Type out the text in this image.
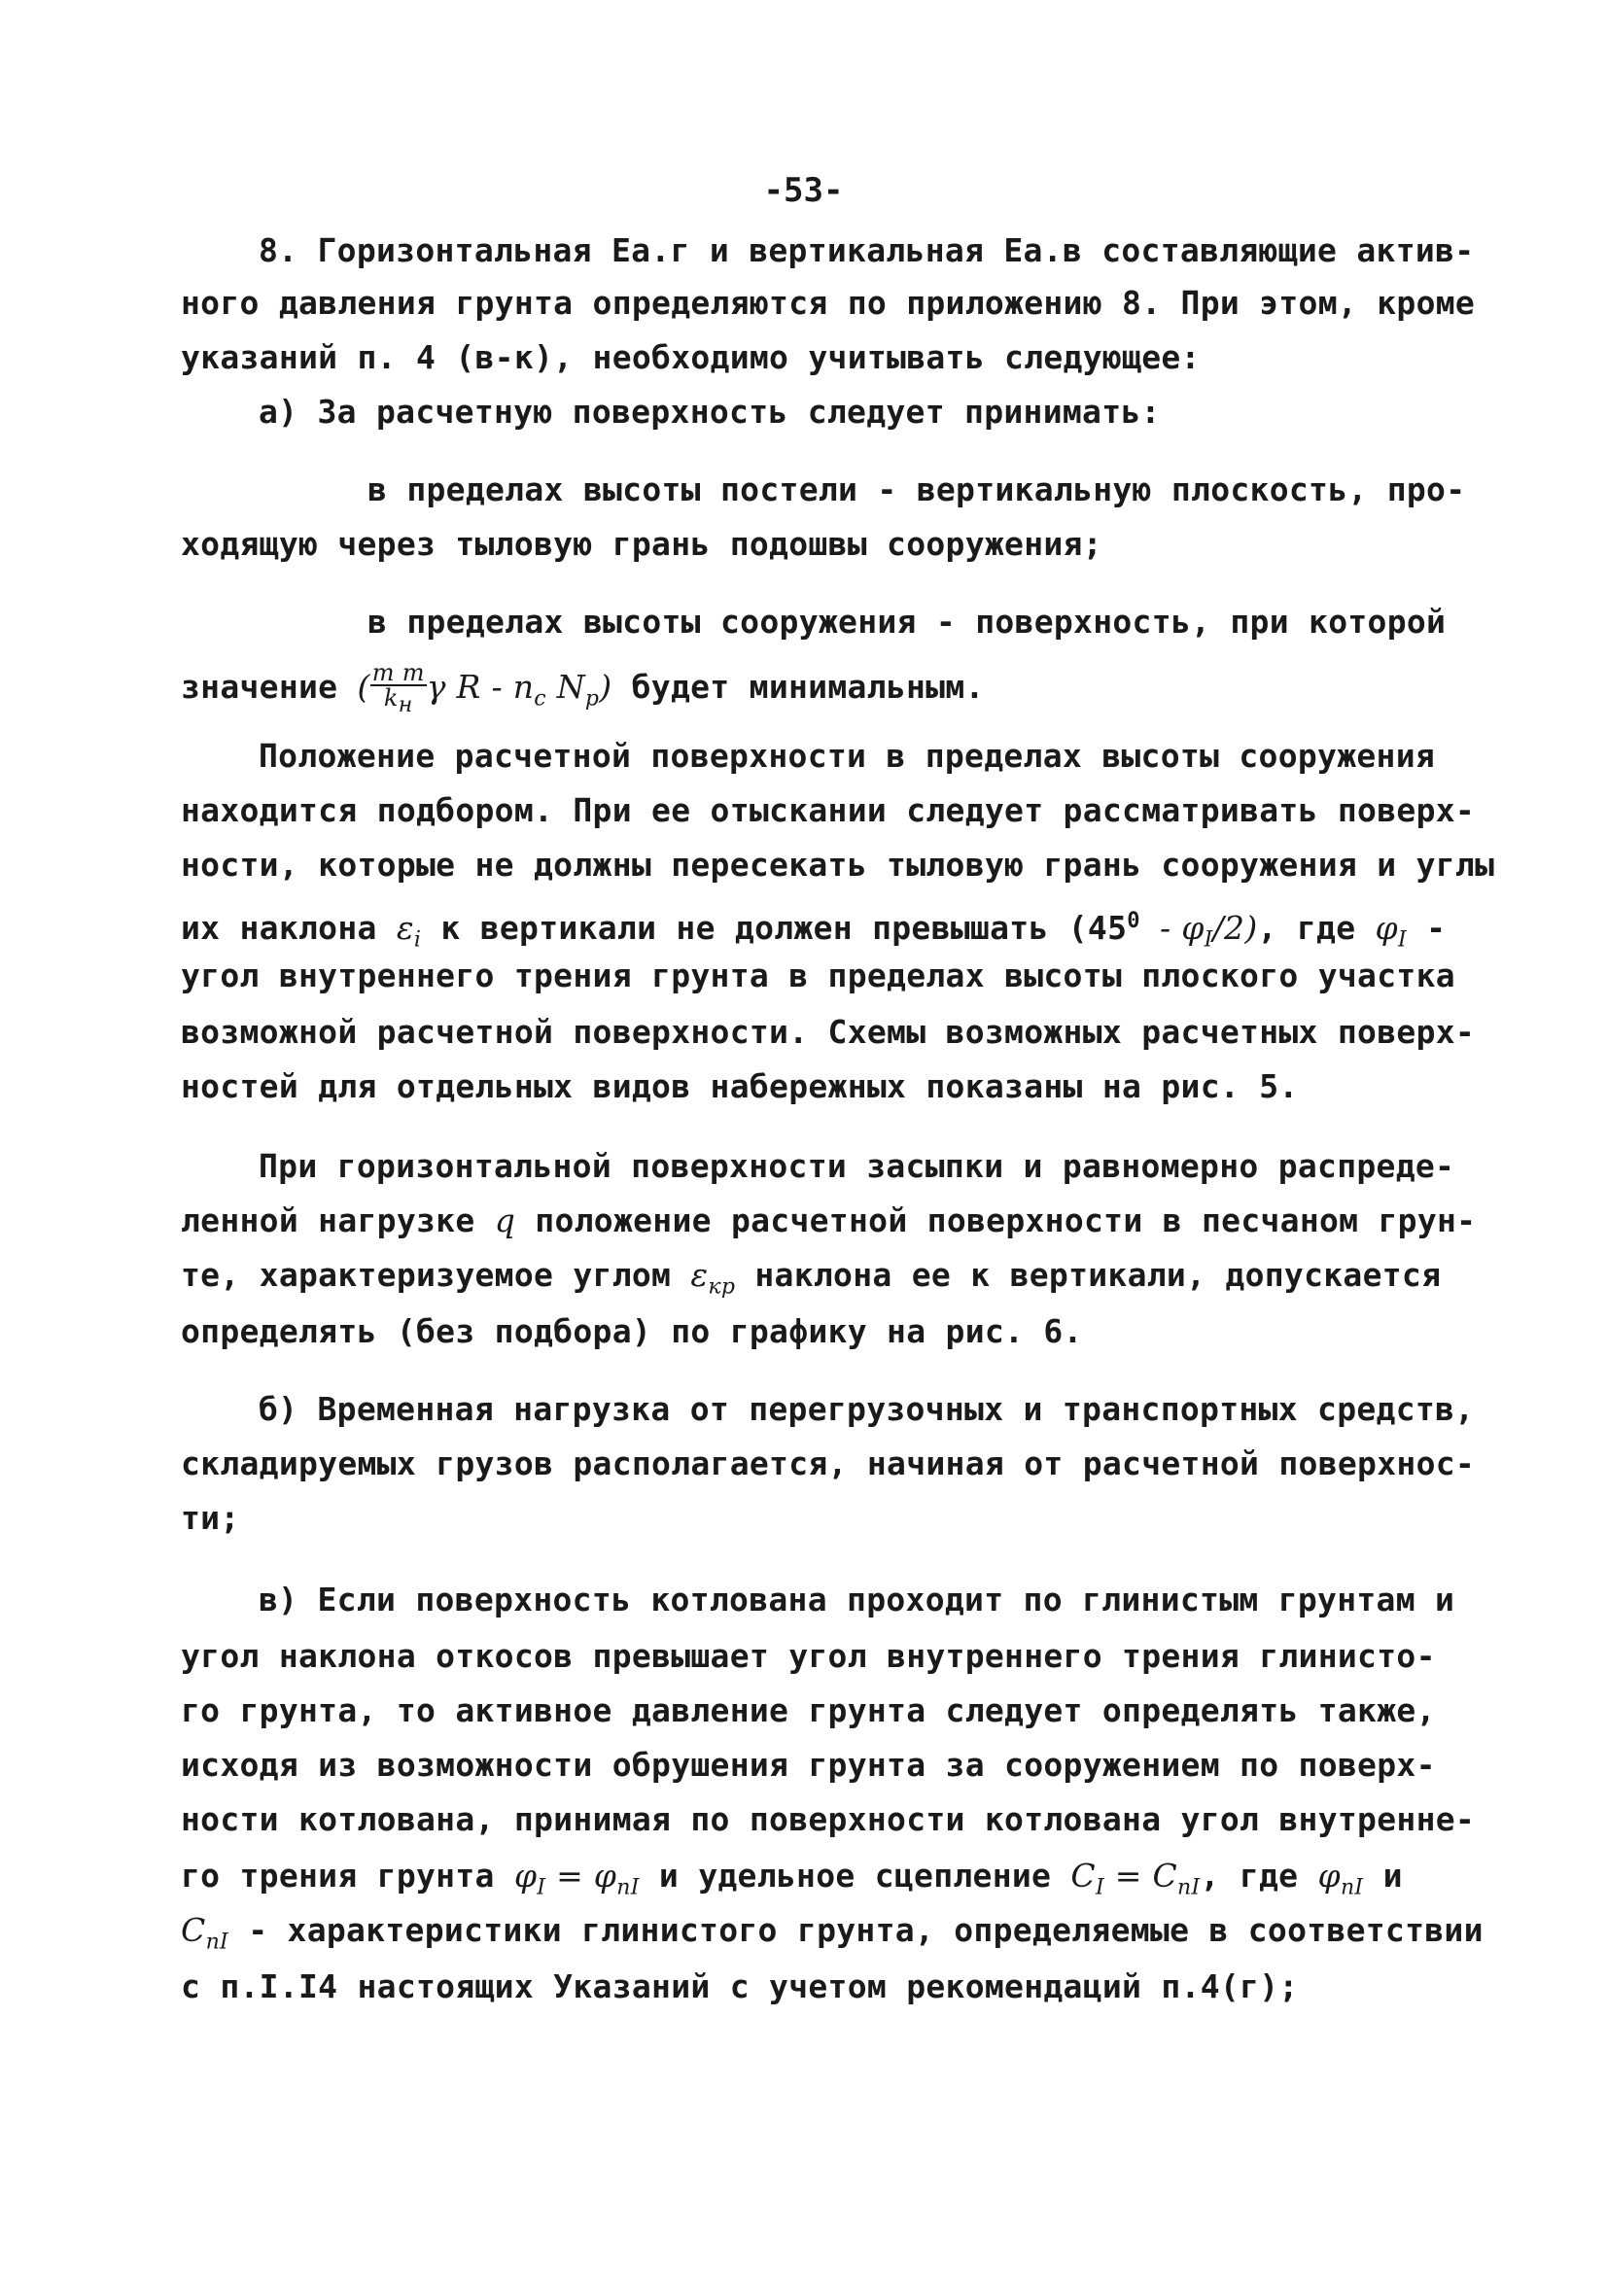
-53-
8. Горизонтальная Eа.г и вертикальная Eа.в составляющие актив-
ного давления грунта определяются по приложению 8. При этом, кроме
указаний п. 4 (в-к), необходимо учитывать следующее:
а) За расчетную поверхность следует принимать:
в пределах высоты постели - вертикальную плоскость, про-
ходящую через тыловую грань подошвы сооружения;
в пределах высоты сооружения - поверхность, при которой
значение ( $\frac{\text{m m}}{k_н}$ γ R - $n_c$ $N_p$) будет минимальным.
Положение расчетной поверхности в пределах высоты сооружения
находится подбором. При ее отыскании следует рассматривать поверх-
ности, которые не должны пересекать тыловую грань сооружения и углы
их наклона $\varepsilon_i$ к вертикали не должен превышать $(45^0 - \varphi_I/2)$, где $\varphi_I$ -
угол внутреннего трения грунта в пределах высоты плоского участка
возможной расчетной поверхности. Схемы возможных расчетных поверх-
ностей для отдельных видов набережных показаны на рис. 5.
При горизонтальной поверхности засыпки и равномерно распреде-
ленной нагрузке q положение расчетной поверхности в песчаном грун-
те, характеризуемое углом $\varepsilon_{кр}$ наклона ее к вертикали, допускается
определять (без подбора) по графику на рис. 6.
б) Временная нагрузка от перегрузочных и транспортных средств,
складируемых грузов располагается, начиная от расчетной поверхнос-
ти;
в) Если поверхность котлована проходит по глинистым грунтам и
угол наклона откосов превышает угол внутреннего трения глинисто-
го грунта, то активное давление грунта следует определять также,
исходя из возможности обрушения грунта за сооружением по поверх-
ности котлована, принимая по поверхности котлована угол внутренне-
го трения грунта $\varphi_I = \varphi_{nI}$ и удельное сцепление $C_I = C_{nI}$, где $\varphi_{nI}$ и
$C_{nI}$ - характеристики глинистого грунта, определяемые в соответствии
с п.I.I4 настоящих Указаний с учетом рекомендаций п.4(г);
